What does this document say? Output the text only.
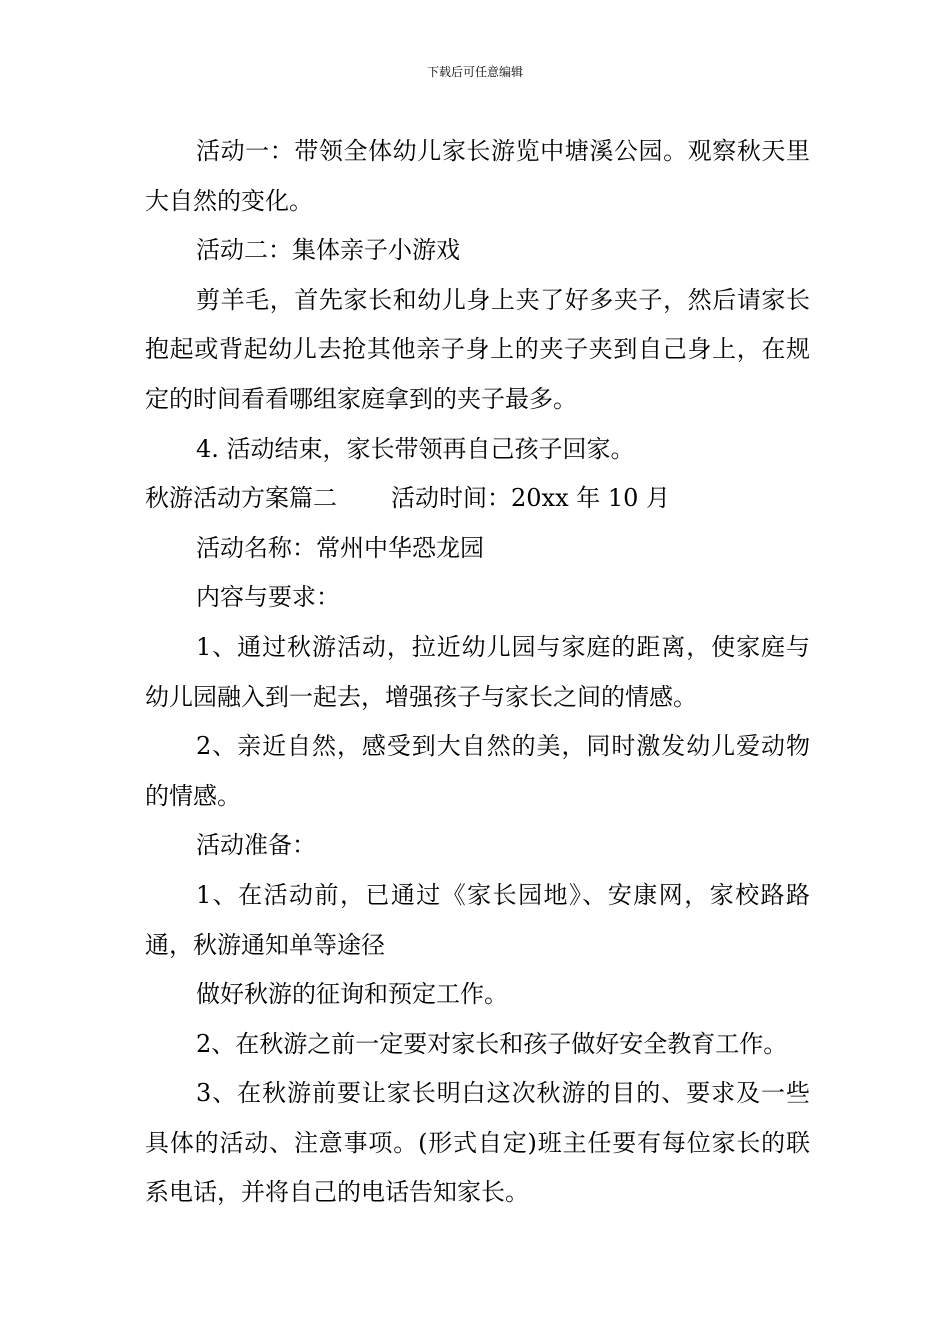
下载后可任意编辑

活动一：带领全体幼儿家长游览中塘溪公园。观察秋天里大自然的变化。

活动二：集体亲子小游戏

剪羊毛，首先家长和幼儿身上夹了好多夹子，然后请家长抱起或背起幼儿去抢其他亲子身上的夹子夹到自己身上，在规定的时间看看哪组家庭拿到的夹子最多。

4. 活动结束，家长带领再自己孩子回家。

秋游活动方案篇二 活动时间：20xx 年 10 月

活动名称：常州中华恐龙园

内容与要求：

1、通过秋游活动，拉近幼儿园与家庭的距离，使家庭与幼儿园融入到一起去，增强孩子与家长之间的情感。

2、亲近自然，感受到大自然的美，同时激发幼儿爱动物的情感。

活动准备：

1、在活动前，已通过《家长园地》、安康网，家校路路通，秋游通知单等途径

做好秋游的征询和预定工作。

2、在秋游之前一定要对家长和孩子做好安全教育工作。

3、在秋游前要让家长明白这次秋游的目的、要求及一些具体的活动、注意事项。(形式自定)班主任要有每位家长的联系电话，并将自己的电话告知家长。
